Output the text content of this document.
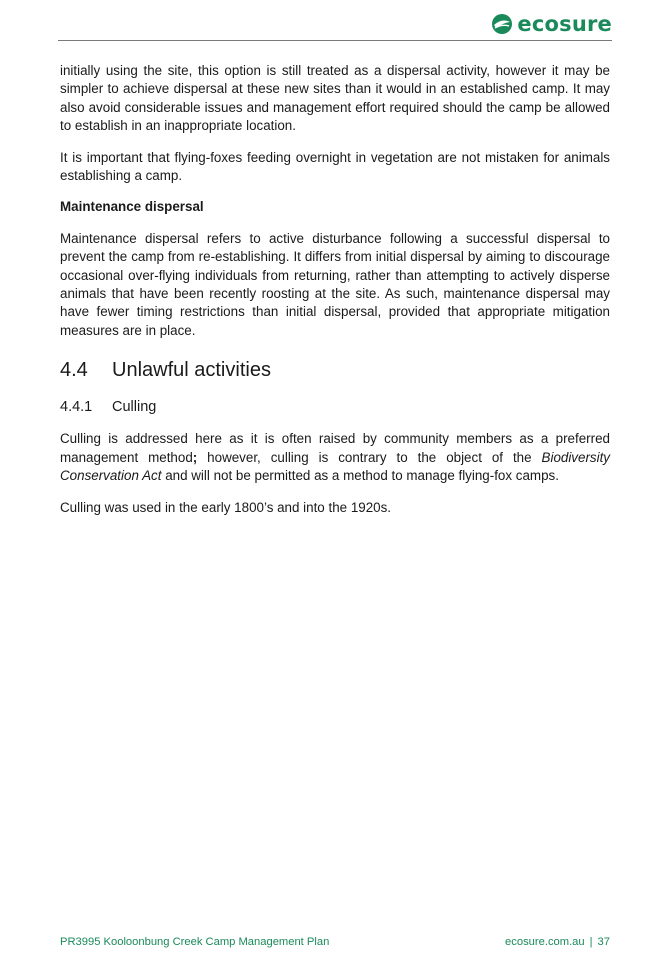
ecosure

initially using the site, this option is still treated as a dispersal activity, however it may be simpler to achieve dispersal at these new sites than it would in an established camp. It may also avoid considerable issues and management effort required should the camp be allowed to establish in an inappropriate location.

It is important that flying-foxes feeding overnight in vegetation are not mistaken for animals establishing a camp.

Maintenance dispersal

Maintenance dispersal refers to active disturbance following a successful dispersal to prevent the camp from re-establishing. It differs from initial dispersal by aiming to discourage occasional over-flying individuals from returning, rather than attempting to actively disperse animals that have been recently roosting at the site. As such, maintenance dispersal may have fewer timing restrictions than initial dispersal, provided that appropriate mitigation measures are in place.

4.4	Unlawful activities
4.4.1	Culling

Culling is addressed here as it is often raised by community members as a preferred management method; however, culling is contrary to the object of the Biodiversity Conservation Act and will not be permitted as a method to manage flying-fox camps.

Culling was used in the early 1800’s and into the 1920s.

PR3995 Kooloonbung Creek Camp Management Plan	ecosure.com.au | 37
